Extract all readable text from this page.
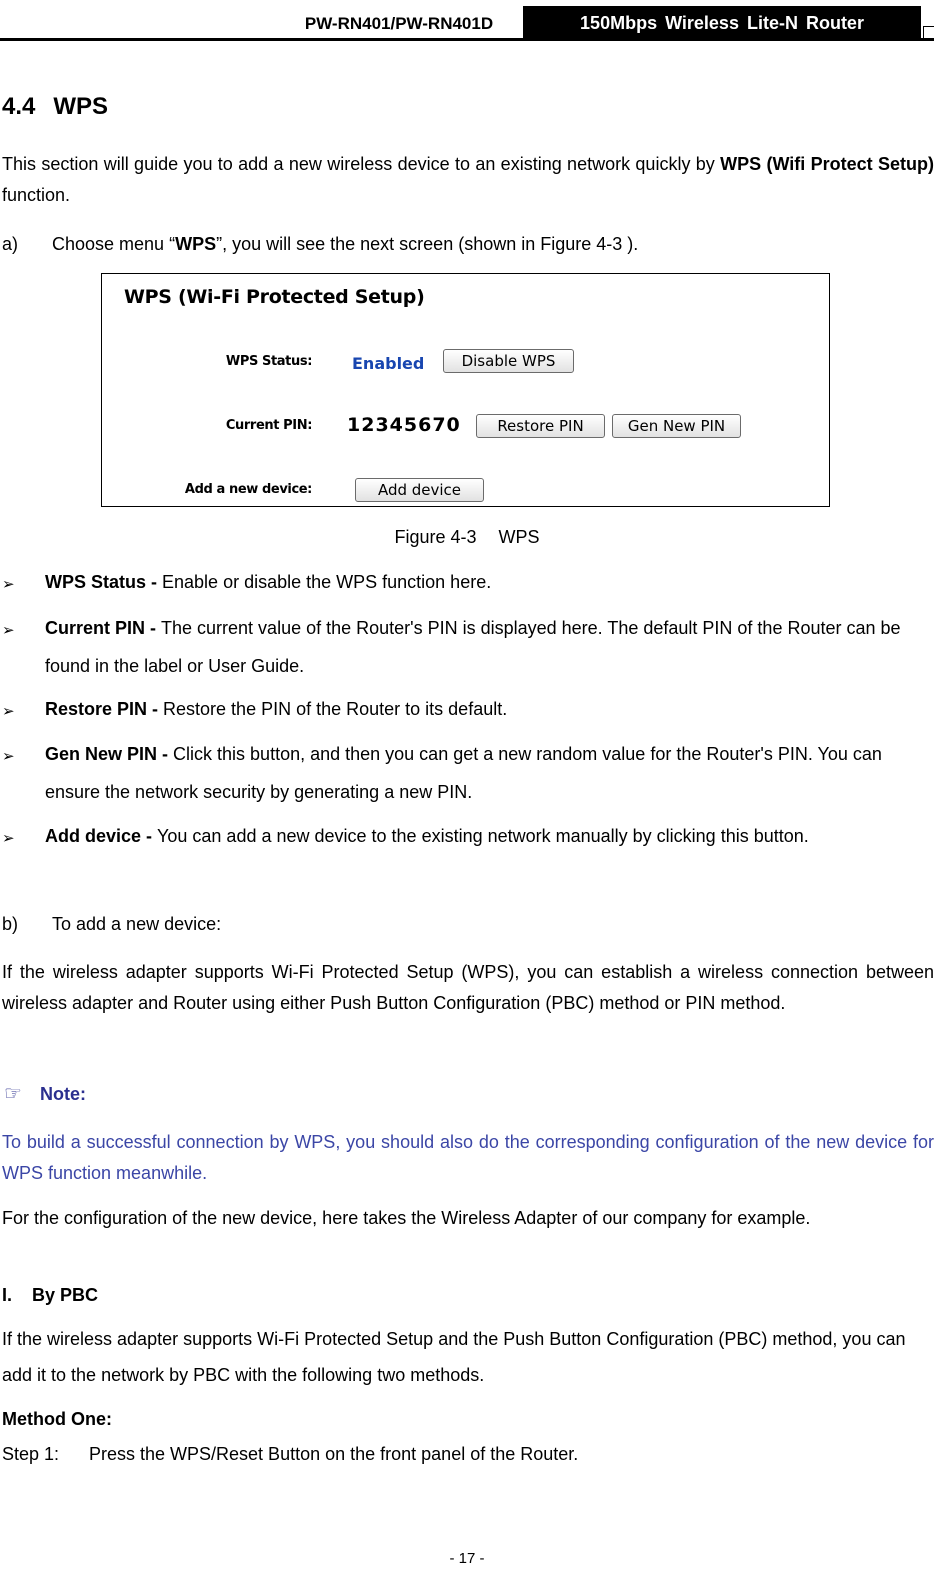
PW-RN401/PW-RN401D	150Mbps Wireless Lite-N Router
4.4 WPS
This section will guide you to add a new wireless device to an existing network quickly by WPS (Wifi Protect Setup) function.
a) Choose menu “WPS”, you will see the next screen (shown in Figure 4-3 ).
WPS (Wi-Fi Protected Setup)
WPS Status:	Enabled	Disable WPS
Current PIN: 12345670	Restore PIN	Gen New PIN
Add a new device:	Add device
Figure 4-3 WPS
➢ WPS Status - Enable or disable the WPS function here.
➢ Current PIN - The current value of the Router's PIN is displayed here. The default PIN of the Router can be found in the label or User Guide.
➢ Restore PIN - Restore the PIN of the Router to its default.
➢ Gen New PIN - Click this button, and then you can get a new random value for the Router's PIN. You can ensure the network security by generating a new PIN.
➢ Add device - You can add a new device to the existing network manually by clicking this button.
b) To add a new device:
If the wireless adapter supports Wi-Fi Protected Setup (WPS), you can establish a wireless connection between wireless adapter and Router using either Push Button Configuration (PBC) method or PIN method.
☞ Note:
To build a successful connection by WPS, you should also do the corresponding configuration of the new device for WPS function meanwhile.
For the configuration of the new device, here takes the Wireless Adapter of our company for example.
I. By PBC
If the wireless adapter supports Wi-Fi Protected Setup and the Push Button Configuration (PBC) method, you can add it to the network by PBC with the following two methods.
Method One:
Step 1: Press the WPS/Reset Button on the front panel of the Router.
- 17 -
